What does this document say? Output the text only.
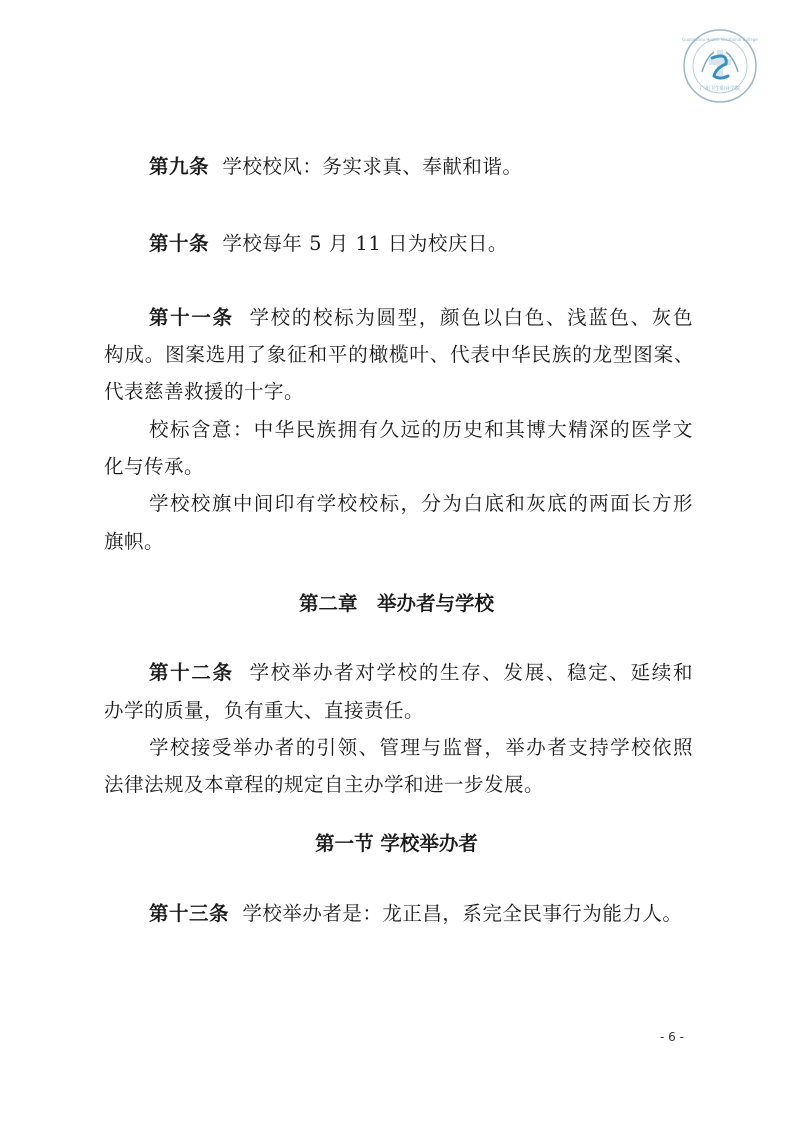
广州卫生职业学院
Guangzhou Health Vocational College
第九条 学校校风：务实求真、奉献和谐。
第十条 学校每年 5 月 11 日为校庆日。
第十一条 学校的校标为圆型，颜色以白色、浅蓝色、灰色
构成。图案选用了象征和平的橄榄叶、代表中华民族的龙型图案、
代表慈善救援的十字。
校标含意：中华民族拥有久远的历史和其博大精深的医学文
化与传承。
学校校旗中间印有学校校标，分为白底和灰底的两面长方形
旗帜。
第二章　举办者与学校
第十二条 学校举办者对学校的生存、发展、稳定、延续和
办学的质量，负有重大、直接责任。
学校接受举办者的引领、管理与监督，举办者支持学校依照
法律法规及本章程的规定自主办学和进一步发展。
第一节 学校举办者
第十三条 学校举办者是：龙正昌，系完全民事行为能力人。
- 6 -
